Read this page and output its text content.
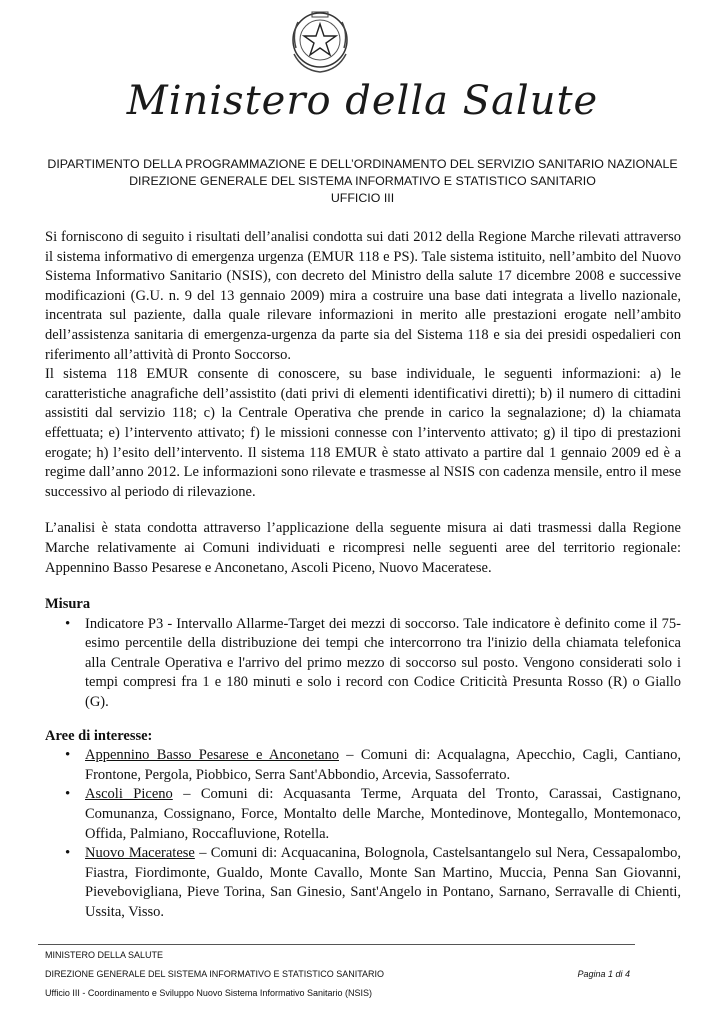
Ministero della Salute
DIPARTIMENTO DELLA PROGRAMMAZIONE E DELL’ORDINAMENTO DEL SERVIZIO SANITARIO NAZIONALE
DIREZIONE GENERALE DEL SISTEMA INFORMATIVO E STATISTICO SANITARIO
UFFICIO III

Si forniscono di seguito i risultati dell’analisi condotta sui dati 2012 della Regione Marche rilevati attraverso il sistema informativo di emergenza urgenza (EMUR 118 e PS). Tale sistema istituito, nell’ambito del Nuovo Sistema Informativo Sanitario (NSIS), con decreto del Ministro della salute 17 dicembre 2008 e successive modificazioni (G.U. n. 9 del 13 gennaio 2009) mira a costruire una base dati integrata a livello nazionale, incentrata sul paziente, dalla quale rilevare informazioni in merito alle prestazioni erogate nell’ambito dell’assistenza sanitaria di emergenza-urgenza da parte sia del Sistema 118 e sia dei presidi ospedalieri con riferimento all’attività di Pronto Soccorso.

Il sistema 118 EMUR consente di conoscere, su base individuale, le seguenti informazioni: a) le caratteristiche anagrafiche dell’assistito (dati privi di elementi identificativi diretti); b) il numero di cittadini assistiti dal servizio 118; c) la Centrale Operativa che prende in carico la segnalazione; d) la chiamata effettuata; e) l’intervento attivato; f) le missioni connesse con l’intervento attivato; g) il tipo di prestazioni erogate; h) l’esito dell’intervento. Il sistema 118 EMUR è stato attivato a partire dal 1 gennaio 2009 ed è a regime dall’anno 2012. Le informazioni sono rilevate e trasmesse al NSIS con cadenza mensile, entro il mese successivo al periodo di rilevazione.

L’analisi è stata condotta attraverso l’applicazione della seguente misura ai dati trasmessi dalla Regione Marche relativamente ai Comuni individuati e ricompresi nelle seguenti aree del territorio regionale: Appennino Basso Pesarese e Anconetano, Ascoli Piceno, Nuovo Maceratese.

Misura

• Indicatore P3 - Intervallo Allarme-Target dei mezzi di soccorso. Tale indicatore è definito come il 75-esimo percentile della distribuzione dei tempi che intercorrono tra l'inizio della chiamata telefonica alla Centrale Operativa e l'arrivo del primo mezzo di soccorso sul posto. Vengono considerati solo i tempi compresi fra 1 e 180 minuti e solo i record con Codice Criticità Presunta Rosso (R) o Giallo (G).

Aree di interesse:

• Appennino Basso Pesarese e Anconetano – Comuni di: Acqualagna, Apecchio, Cagli, Cantiano, Frontone, Pergola, Piobbico, Serra Sant'Abbondio, Arcevia, Sassoferrato.
• Ascoli Piceno – Comuni di: Acquasanta Terme, Arquata del Tronto, Carassai, Castignano, Comunanza, Cossignano, Force, Montalto delle Marche, Montedinove, Montegallo, Montemonaco, Offida, Palmiano, Roccafluvione, Rotella.
• Nuovo Maceratese – Comuni di: Acquacanina, Bolognola, Castelsantangelo sul Nera, Cessapalombo, Fiastra, Fiordimonte, Gualdo, Monte Cavallo, Monte San Martino, Muccia, Penna San Giovanni, Pievebovigliana, Pieve Torina, San Ginesio, Sant'Angelo in Pontano, Sarnano, Serravalle di Chienti, Ussita, Visso.
MINISTERO DELLA SALUTE
DIREZIONE GENERALE DEL SISTEMA INFORMATIVO E STATISTICO SANITARIO	Pagina 1 di 4
Ufficio III - Coordinamento e Sviluppo Nuovo Sistema Informativo Sanitario (NSIS)
